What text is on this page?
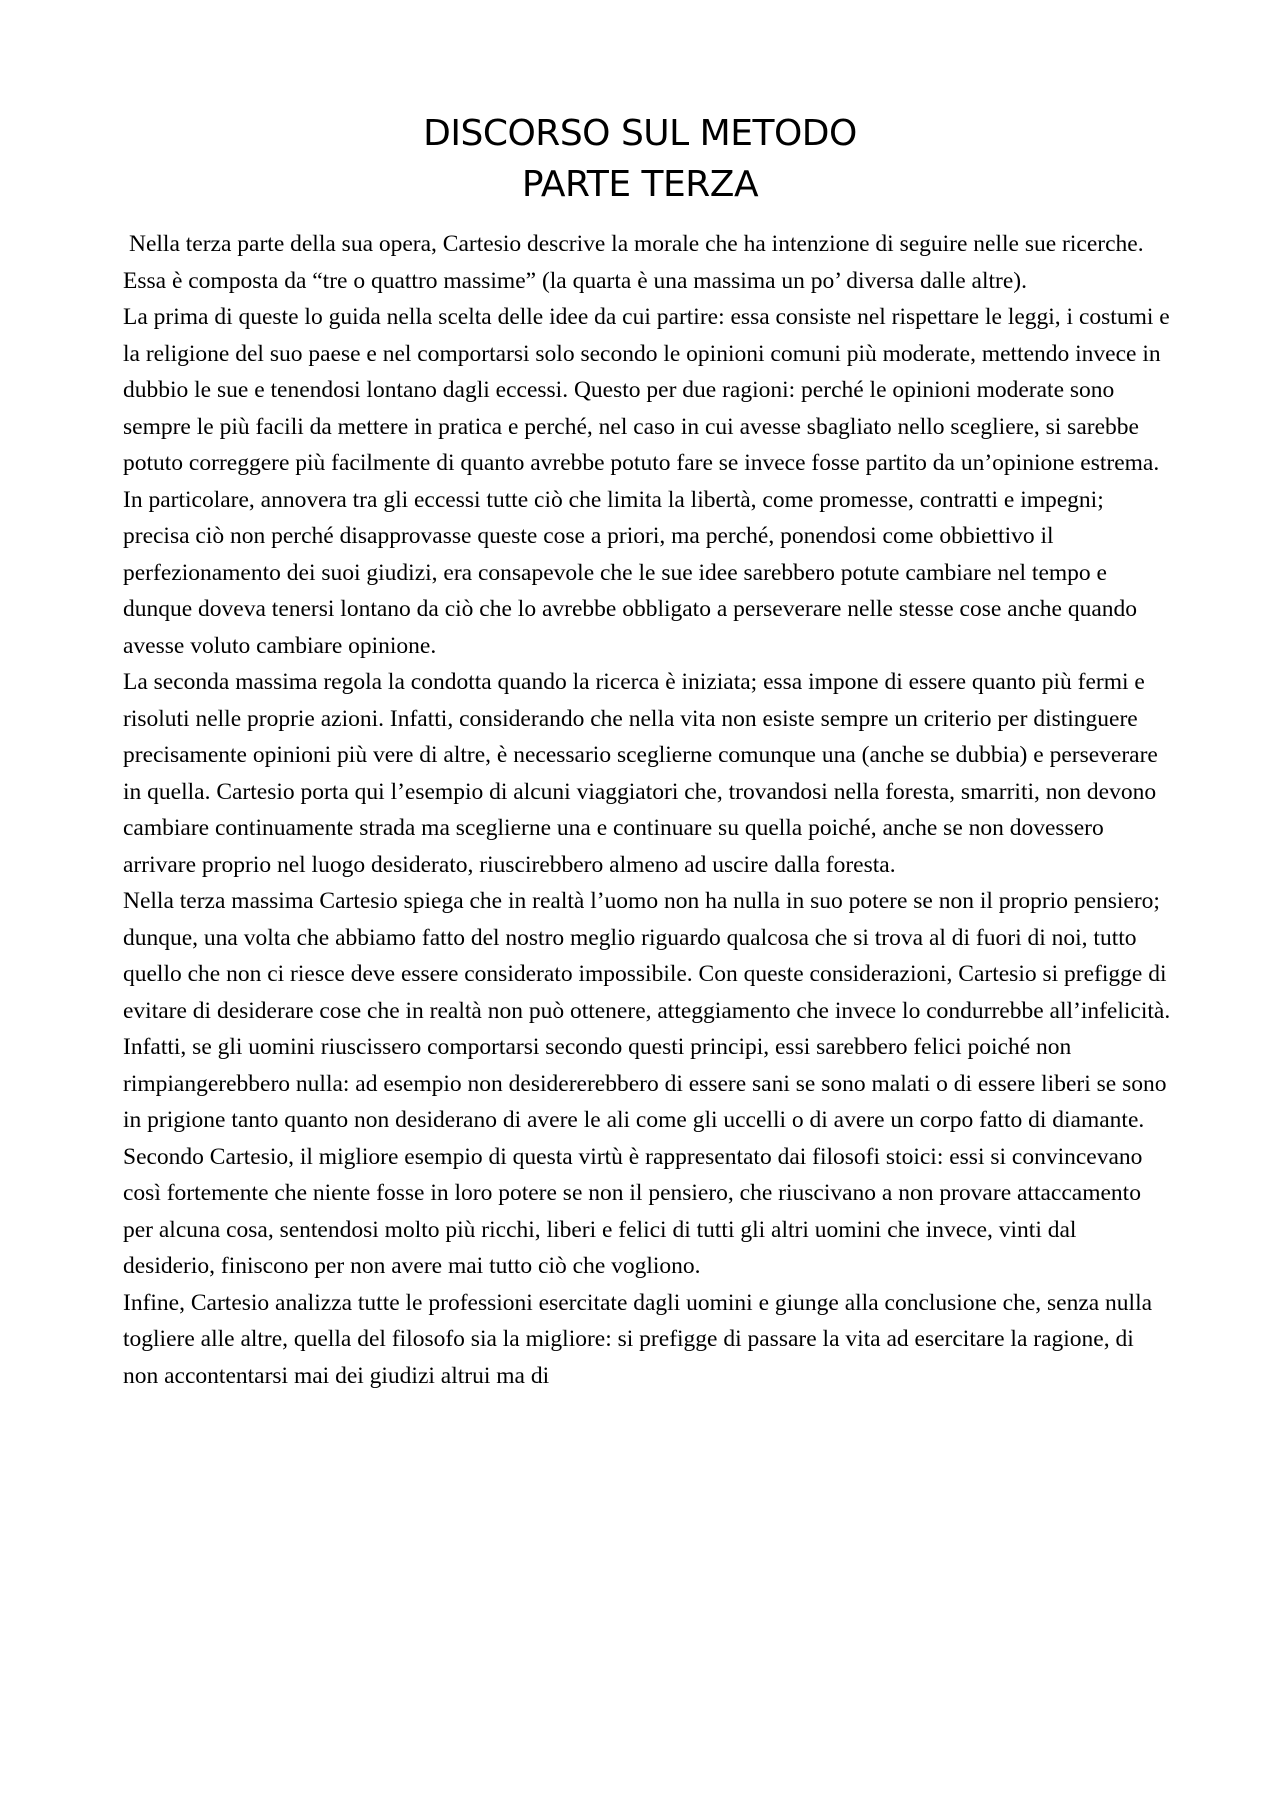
DISCORSO SUL METODO
PARTE TERZA

Nella terza parte della sua opera, Cartesio descrive la morale che ha intenzione di seguire nelle sue ricerche. Essa è composta da “tre o quattro massime” (la quarta è una massima un po’ diversa dalle altre).

La prima di queste lo guida nella scelta delle idee da cui partire: essa consiste nel rispettare le leggi, i costumi e la religione del suo paese e nel comportarsi solo secondo le opinioni comuni più moderate, mettendo invece in dubbio le sue e tenendosi lontano dagli eccessi. Questo per due ragioni: perché le opinioni moderate sono sempre le più facili da mettere in pratica e perché, nel caso in cui avesse sbagliato nello scegliere, si sarebbe potuto correggere più facilmente di quanto avrebbe potuto fare se invece fosse partito da un’opinione estrema. In particolare, annovera tra gli eccessi tutte ciò che limita la libertà, come promesse, contratti e impegni; precisa ciò non perché disapprovasse queste cose a priori, ma perché, ponendosi come obbiettivo il perfezionamento dei suoi giudizi, era consapevole che le sue idee sarebbero potute cambiare nel tempo e dunque doveva tenersi lontano da ciò che lo avrebbe obbligato a perseverare nelle stesse cose anche quando avesse voluto cambiare opinione.

La seconda massima regola la condotta quando la ricerca è iniziata; essa impone di essere quanto più fermi e risoluti nelle proprie azioni. Infatti, considerando che nella vita non esiste sempre un criterio per distinguere precisamente opinioni più vere di altre, è necessario sceglierne comunque una (anche se dubbia) e perseverare in quella. Cartesio porta qui l’esempio di alcuni viaggiatori che, trovandosi nella foresta, smarriti, non devono cambiare continuamente strada ma sceglierne una e continuare su quella poiché, anche se non dovessero arrivare proprio nel luogo desiderato, riuscirebbero almeno ad uscire dalla foresta.

Nella terza massima Cartesio spiega che in realtà l’uomo non ha nulla in suo potere se non il proprio pensiero; dunque, una volta che abbiamo fatto del nostro meglio riguardo qualcosa che si trova al di fuori di noi, tutto quello che non ci riesce deve essere considerato impossibile. Con queste considerazioni, Cartesio si prefigge di evitare di desiderare cose che in realtà non può ottenere, atteggiamento che invece lo condurrebbe all’infelicità. Infatti, se gli uomini riuscissero comportarsi secondo questi principi, essi sarebbero felici poiché non rimpiangerebbero nulla: ad esempio non desidererebbero di essere sani se sono malati o di essere liberi se sono in prigione tanto quanto non desiderano di avere le ali come gli uccelli o di avere un corpo fatto di diamante. Secondo Cartesio, il migliore esempio di questa virtù è rappresentato dai filosofi stoici: essi si convincevano così fortemente che niente fosse in loro potere se non il pensiero, che riuscivano a non provare attaccamento per alcuna cosa, sentendosi molto più ricchi, liberi e felici di tutti gli altri uomini che invece, vinti dal desiderio, finiscono per non avere mai tutto ciò che vogliono.

Infine, Cartesio analizza tutte le professioni esercitate dagli uomini e giunge alla conclusione che, senza nulla togliere alle altre, quella del filosofo sia la migliore: si prefigge di passare la vita ad esercitare la ragione, di non accontentarsi mai dei giudizi altrui ma di
